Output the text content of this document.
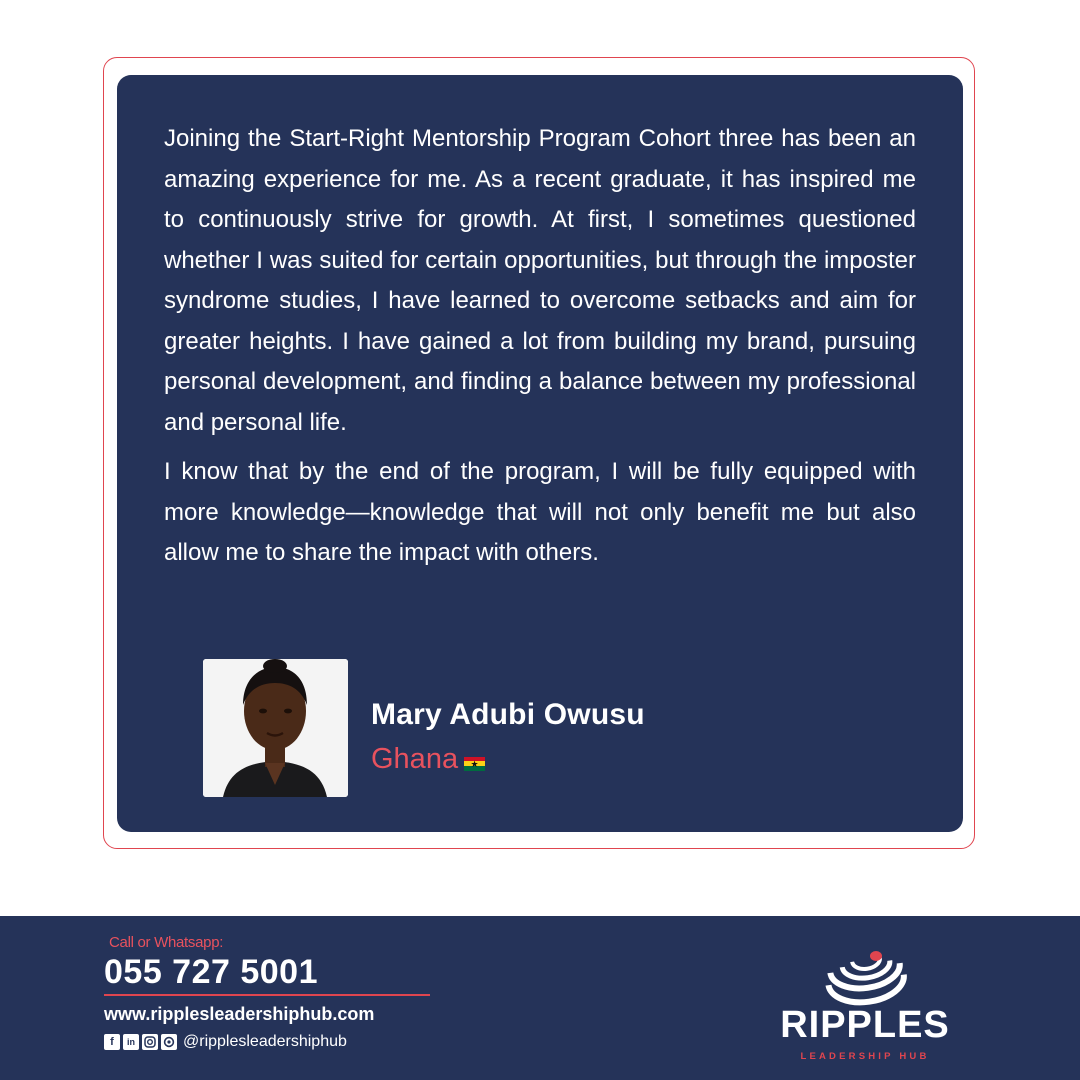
Joining the Start-Right Mentorship Program Cohort three has been an amazing experience for me. As a recent graduate, it has inspired me to continuously strive for growth. At first, I sometimes questioned whether I was suited for certain opportunities, but through the imposter syndrome studies, I have learned to overcome setbacks and aim for greater heights. I have gained a lot from building my brand, pursuing personal development, and finding a balance between my professional and personal life.

I know that by the end of the program, I will be fully equipped with more knowledge—knowledge that will not only benefit me but also allow me to share the impact with others.

Mary Adubi Owusu
Ghana	★
Call or Whatsapp:
055 727 5001
www.ripplesleadershiphub.com
f	in	@ripplesleadershiphub	RIPPLES
LEADERSHIP HUB
